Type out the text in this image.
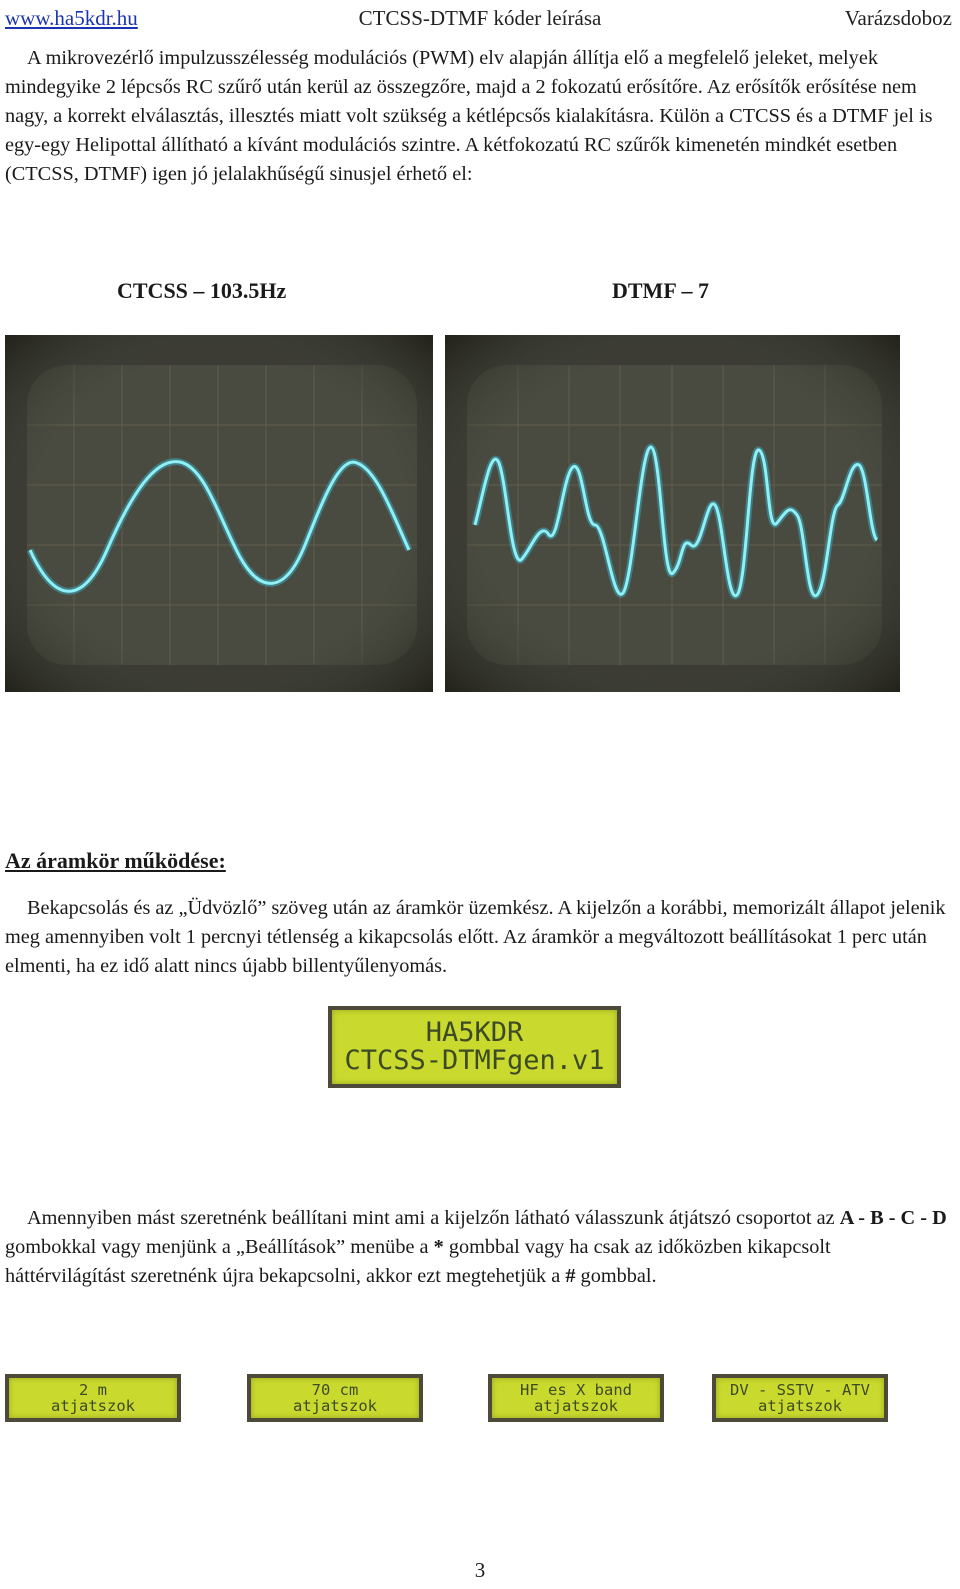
CTCSS-DTMF kóder leírása
www.ha5kdr.hu	Varázsdoboz

A mikrovezérlő impulzusszélesség modulációs (PWM) elv alapján állítja elő a megfelelő jeleket, melyek mindegyike 2 lépcsős RC szűrő után kerül az összegzőre, majd a 2 fokozatú erősítőre. Az erősítők erősítése nem nagy, a korrekt elválasztás, illesztés miatt volt szükség a kétlépcsős kialakításra. Külön a CTCSS és a DTMF jel is egy-egy Helipottal állítható a kívánt modulációs szintre. A kétfokozatú RC szűrők kimenetén mindkét esetben (CTCSS, DTMF) igen jó jelalakhűségű sinusjel érhető el:

CTCSS – 103.5Hz	DTMF – 7
Az áramkör működése:

Bekapcsolás és az „Üdvözlő” szöveg után az áramkör üzemkész. A kijelzőn a korábbi, memorizált állapot jelenik meg amennyiben volt 1 percnyi tétlenség a kikapcsolás előtt. Az áramkör a megváltozott beállításokat 1 perc után elmenti, ha ez idő alatt nincs újabb billentyűlenyomás.

HA5KDR
CTCSS-DTMFgen.v1

Amennyiben mást szeretnénk beállítani mint ami a kijelzőn látható válasszunk átjátszó csoportot az A - B - C - D gombokkal vagy menjünk a „Beállítások” menübe a * gombbal vagy ha csak az időközben kikapcsolt háttérvilágítást szeretnénk újra bekapcsolni, akkor ezt megtehetjük a # gombbal.

2 m
atjatszok
70 cm
atjatszok
HF es X band
atjatszok
DV - SSTV - ATV
atjatszok
3
